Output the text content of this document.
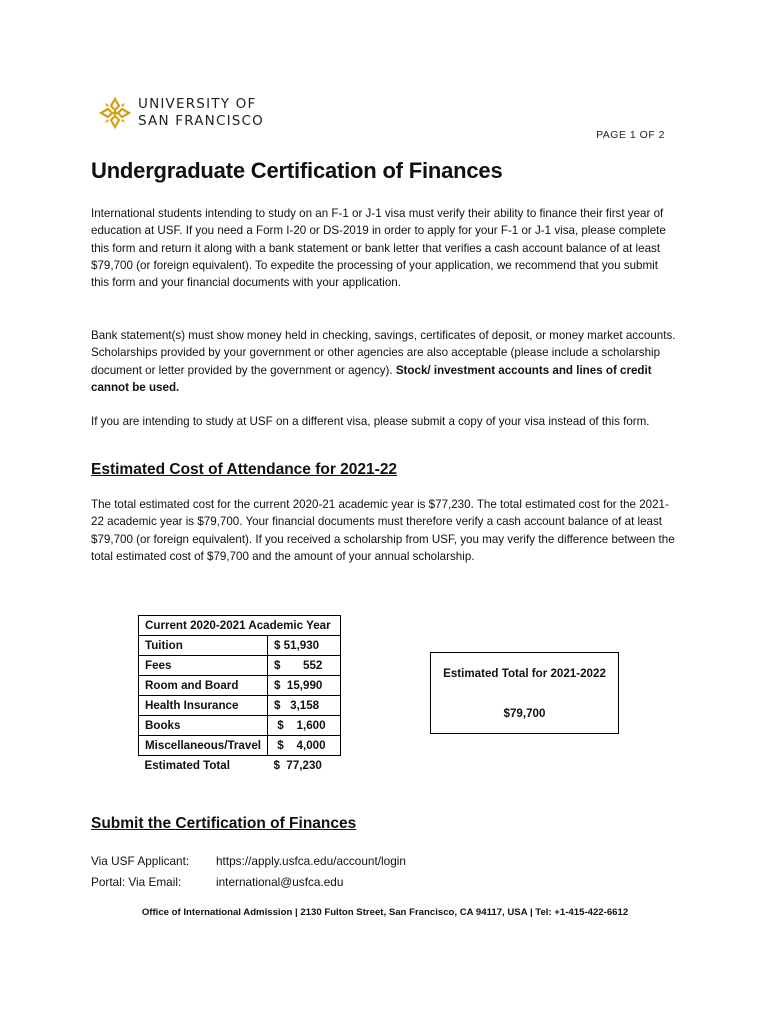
UNIVERSITY OF
SAN FRANCISCO
PAGE 1 OF 2
Undergraduate Certification of Finances

International students intending to study on an F-1 or J-1 visa must verify their ability to finance their first year of education at USF. If you need a Form I-20 or DS-2019 in order to apply for your F-1 or J-1 visa, please complete this form and return it along with a bank statement or bank letter that verifies a cash account balance of at least $79,700 (or foreign equivalent). To expedite the processing of your application, we recommend that you submit this form and your financial documents with your application.

Bank statement(s) must show money held in checking, savings, certificates of deposit, or money market accounts. Scholarships provided by your government or other agencies are also acceptable (please include a scholarship document or letter provided by the government or agency). Stock/ investment accounts and lines of credit cannot be used.

If you are intending to study at USF on a different visa, please submit a copy of your visa instead of this form.

Estimated Cost of Attendance for 2021-22

The total estimated cost for the current 2020-21 academic year is $77,230. The total estimated cost for the 2021-22 academic year is $79,700. Your financial documents must therefore verify a cash account balance of at least $79,700 (or foreign equivalent). If you received a scholarship from USF, you may verify the difference between the total estimated cost of $79,700 and the amount of your annual scholarship.

Current 2020-2021 Academic Year	
Tuition	$ 51,930
Fees	$       552
Room and Board	$  15,990
Health Insurance	$   3,158
Books	$    1,600
Miscellaneous/Travel	$    4,000
Estimated Total	$  77,230
Estimated Total for 2021-2022
$79,700
Submit the Certification of Finances
Via USF Applicant:	https://apply.usfca.edu/account/login
Portal: Via Email:	international@usfca.edu
Office of International Admission | 2130 Fulton Street, San Francisco, CA 94117, USA | Tel: +1-415-422-6612
